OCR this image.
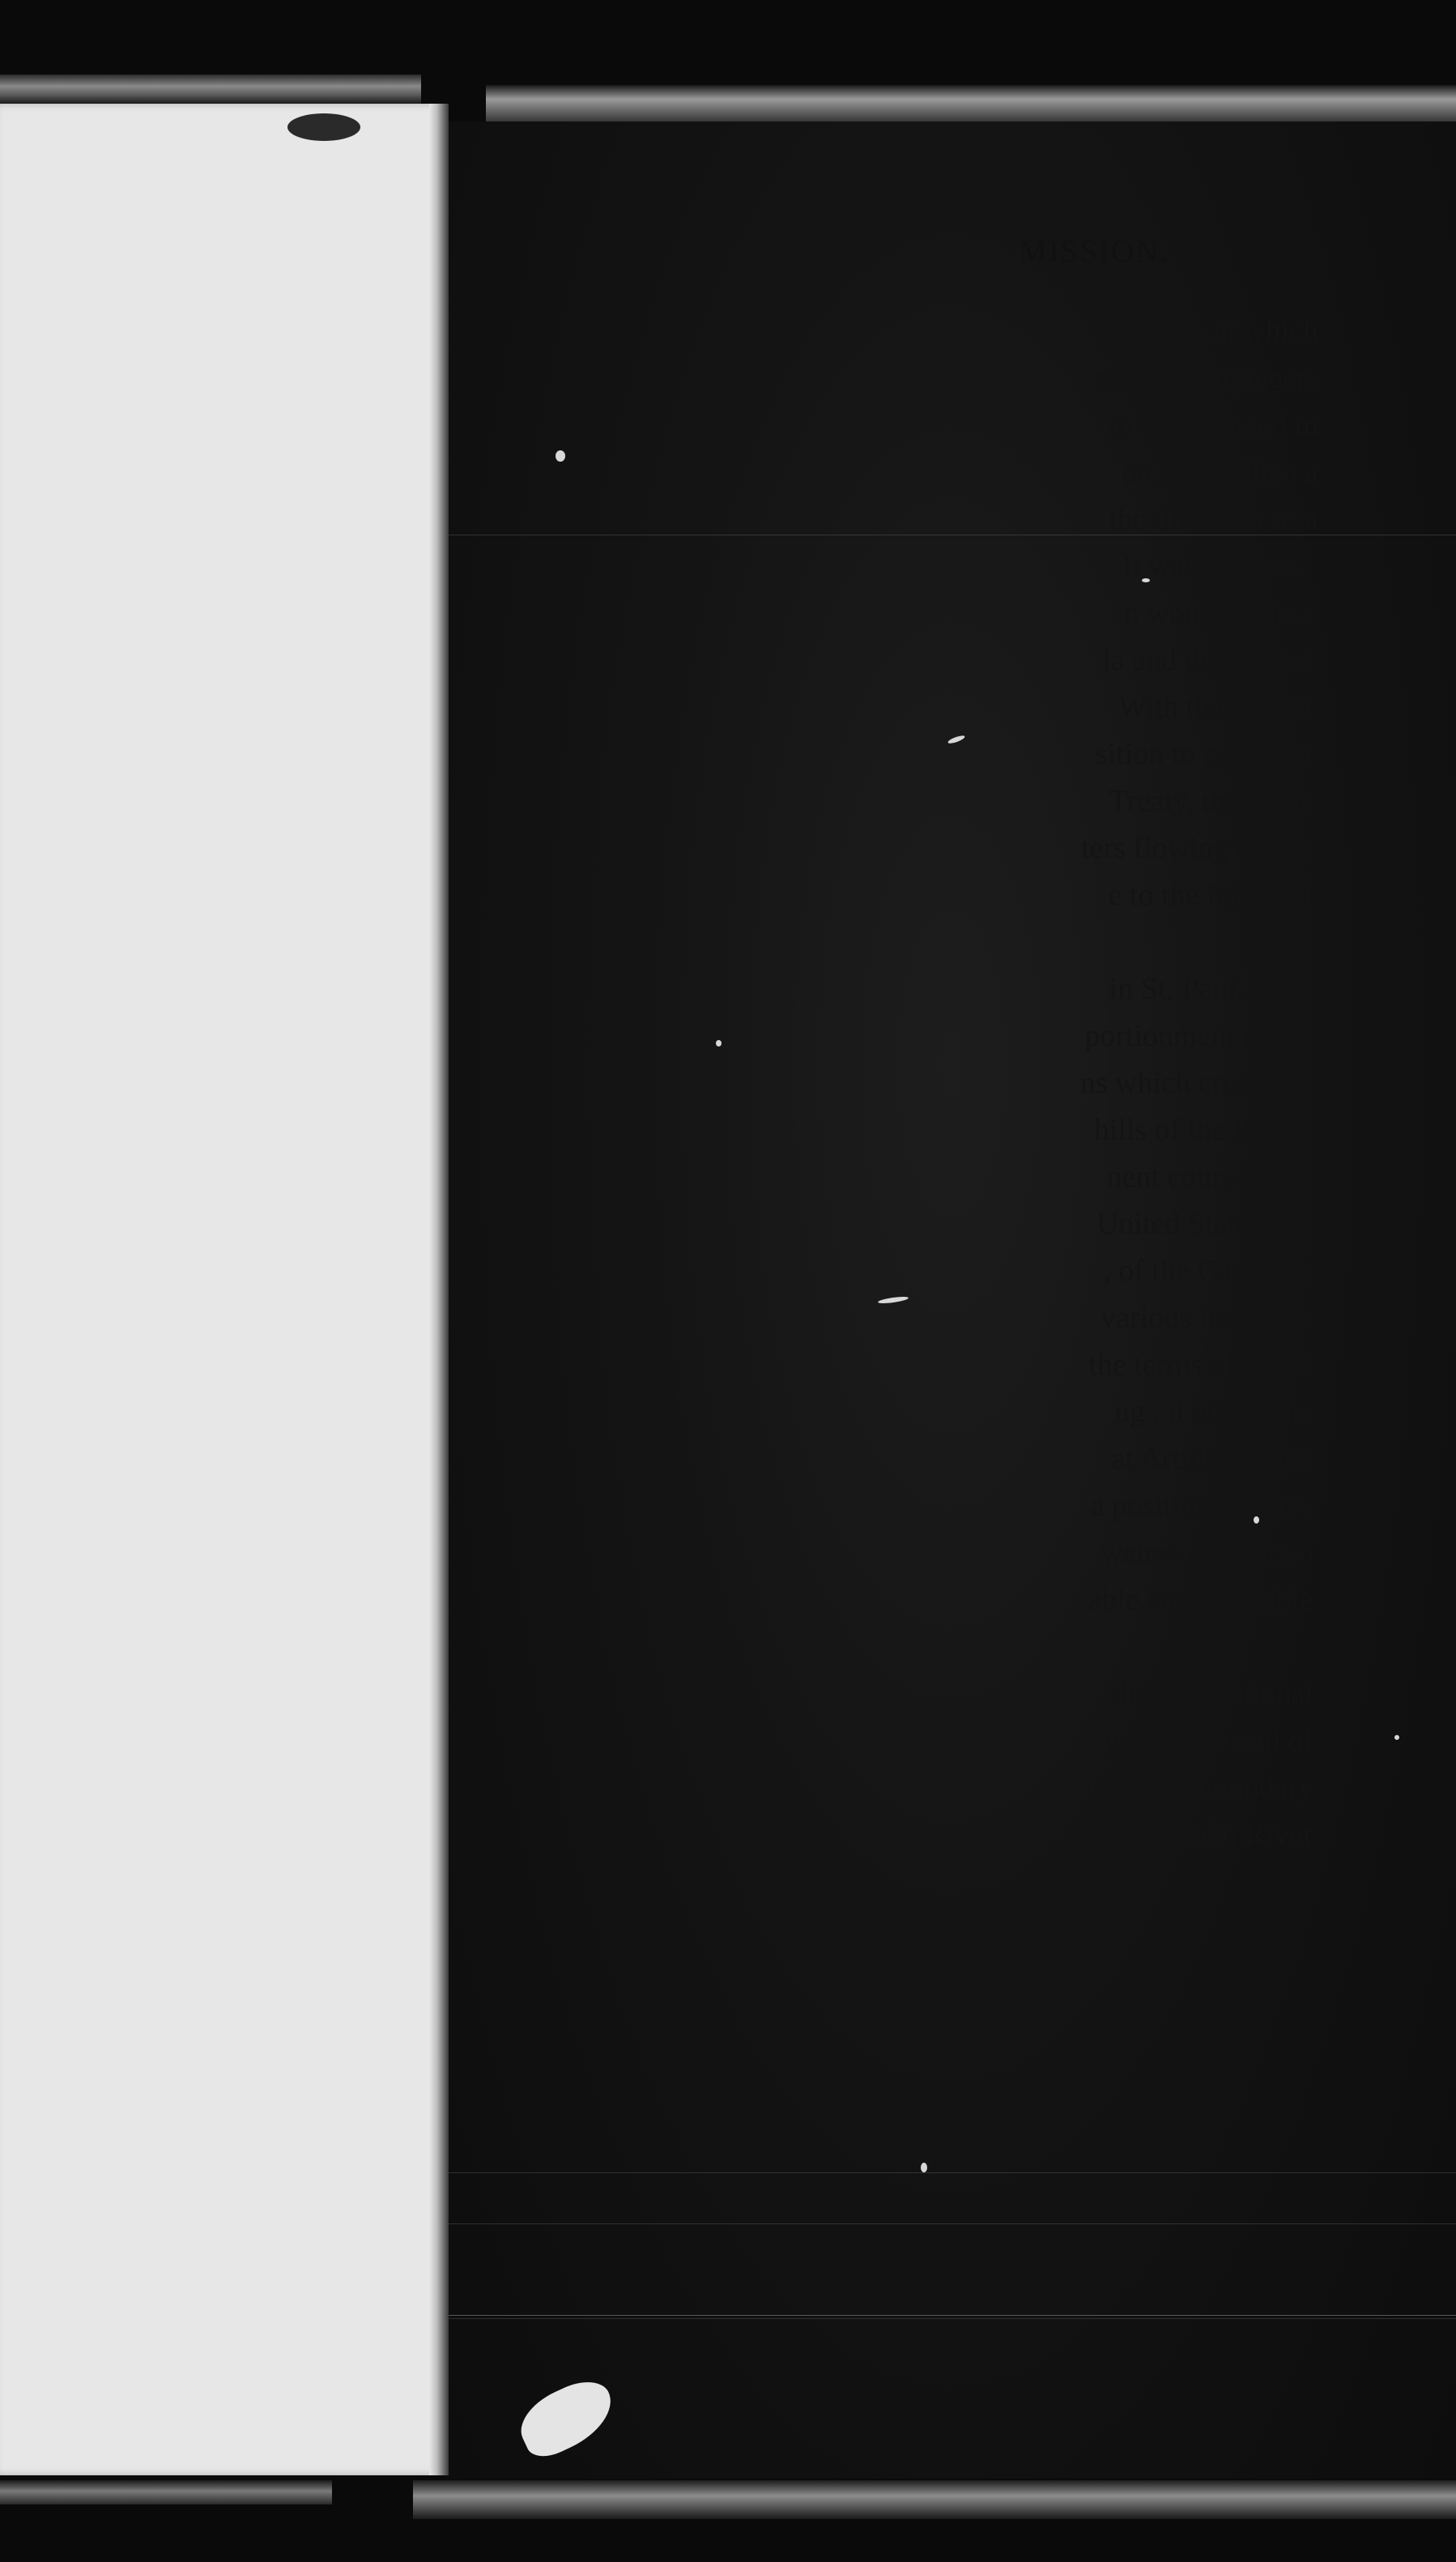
MISSION.
w York, at which
sanitary engineers
to be followed in
on. Since then a
the direction of a
It was expected
n would be in a
la and the United
With that report
sition to carry out
Treaty, that " the
ters flowing across
e to the injury of
in St. Paul, Min-
portionment of the
ns which cross and
hills of the Rocky
nent counsel and
United States and
, of the Canadian
various irrigation
the terms of Art. 6
ng . d other data
at Article. When
a position to carry
waters of the two
able and workable
the International
y intricate and of
es of the boundary
he St. John River
